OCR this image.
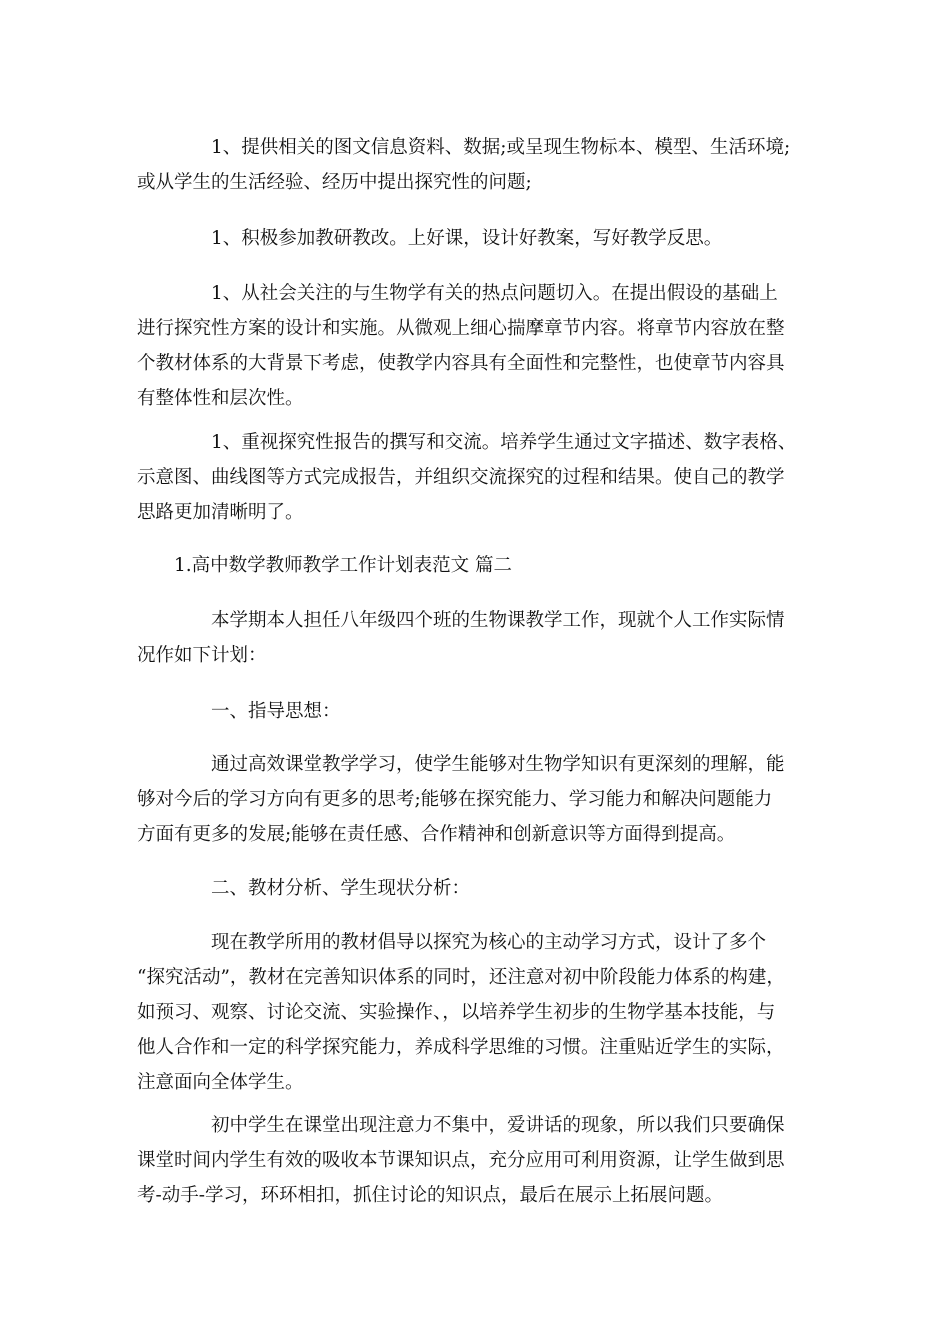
1、提供相关的图文信息资料、数据;或呈现生物标本、模型、生活环境;
或从学生的生活经验、经历中提出探究性的问题;

1、积极参加教研教改。上好课，设计好教案，写好教学反思。

1、从社会关注的与生物学有关的热点问题切入。在提出假设的基础上
进行探究性方案的设计和实施。从微观上细心揣摩章节内容。将章节内容放在整
个教材体系的大背景下考虑，使教学内容具有全面性和完整性，也使章节内容具
有整体性和层次性。

1、重视探究性报告的撰写和交流。培养学生通过文字描述、数字表格、
示意图、曲线图等方式完成报告，并组织交流探究的过程和结果。使自己的教学
思路更加清晰明了。

1.高中数学教师教学工作计划表范文 篇二

本学期本人担任八年级四个班的生物课教学工作，现就个人工作实际情
况作如下计划：

一、指导思想：

通过高效课堂教学学习，使学生能够对生物学知识有更深刻的理解，能
够对今后的学习方向有更多的思考;能够在探究能力、学习能力和解决问题能力
方面有更多的发展;能够在责任感、合作精神和创新意识等方面得到提高。

二、教材分析、学生现状分析：

现在教学所用的教材倡导以探究为核心的主动学习方式，设计了多个
“探究活动”，教材在完善知识体系的同时，还注意对初中阶段能力体系的构建，
如预习、观察、讨论交流、实验操作、，以培养学生初步的生物学基本技能，与
他人合作和一定的科学探究能力，养成科学思维的习惯。注重贴近学生的实际，
注意面向全体学生。

初中学生在课堂出现注意力不集中，爱讲话的现象，所以我们只要确保
课堂时间内学生有效的吸收本节课知识点，充分应用可利用资源，让学生做到思
考-动手-学习，环环相扣，抓住讨论的知识点，最后在展示上拓展问题。
